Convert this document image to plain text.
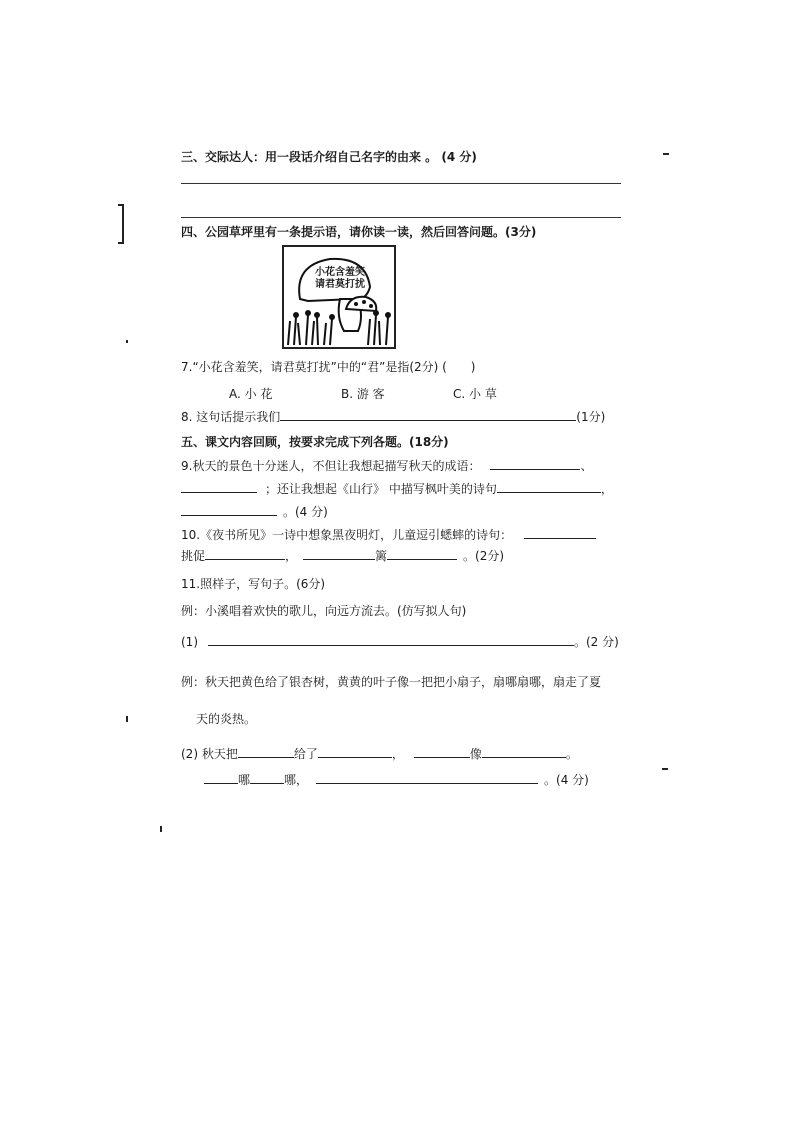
三、交际达人：用一段话介绍自己名字的由来 。 (4 分)
四、公园草坪里有一条提示语，请你读一读，然后回答问题。(3分)
小花含羞笑 请君莫打扰
7.“小花含羞笑，请君莫打扰”中的“君”是指(2分) (　　)
A. 小 花	B. 游 客	C. 小 草
8. 这句话提示我们	(1分)
五、课文内容回顾，按要求完成下列各题。(18分)
9.秋天的景色十分迷人，不但让我想起描写秋天的成语：	、
；还让我想起《山行》 中描写枫叶美的诗句	，
。(4 分)
10.《夜书所见》一诗中想象黑夜明灯，儿童逗引蟋蟀的诗句：
挑促	，	篱	。(2分)
11.照样子，写句子。(6分)
例：小溪唱着欢快的歌儿，向远方流去。(仿写拟人句)
(1)	。(2 分)
例：秋天把黄色给了银杏树，黄黄的叶子像一把把小扇子，扇哪扇哪，扇走了夏
天的炎热。
(2) 秋天把	给了	，	像	。
哪	哪，	。(4 分)
